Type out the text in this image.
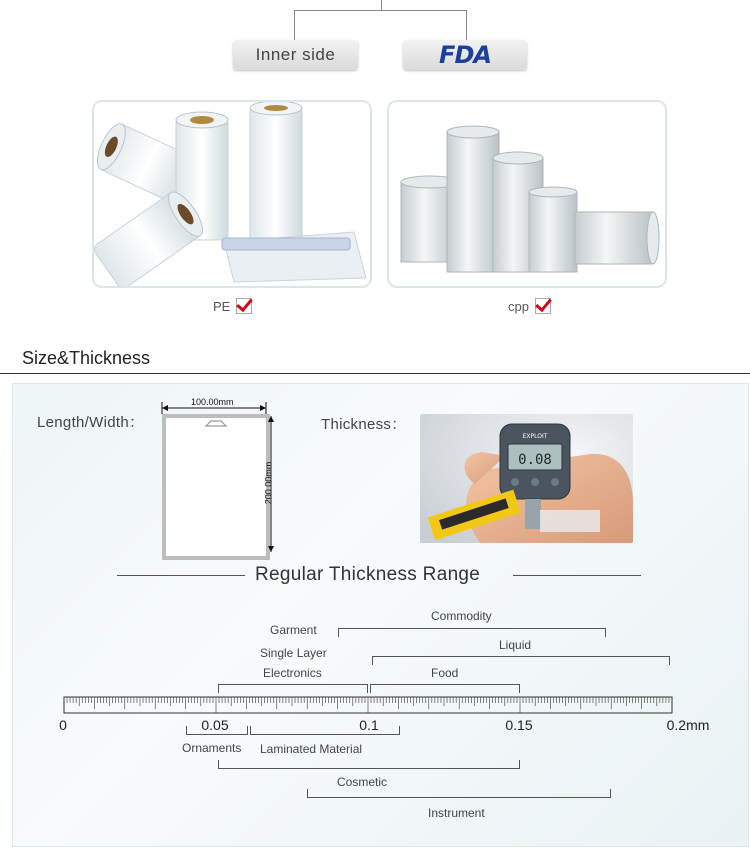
Inner side	FDA
PE	cpp
Size&Thickness
Length/Width：
100.00mm
200.00mm
Thickness：
0.08
EXPLOIT
Regular Thickness Range
0	0.05	0.1	0.15	0.2mm
Commodity
Garment
Single Layer
Liquid
Electronics	Food
Ornaments Laminated Material
Cosmetic
Instrument
